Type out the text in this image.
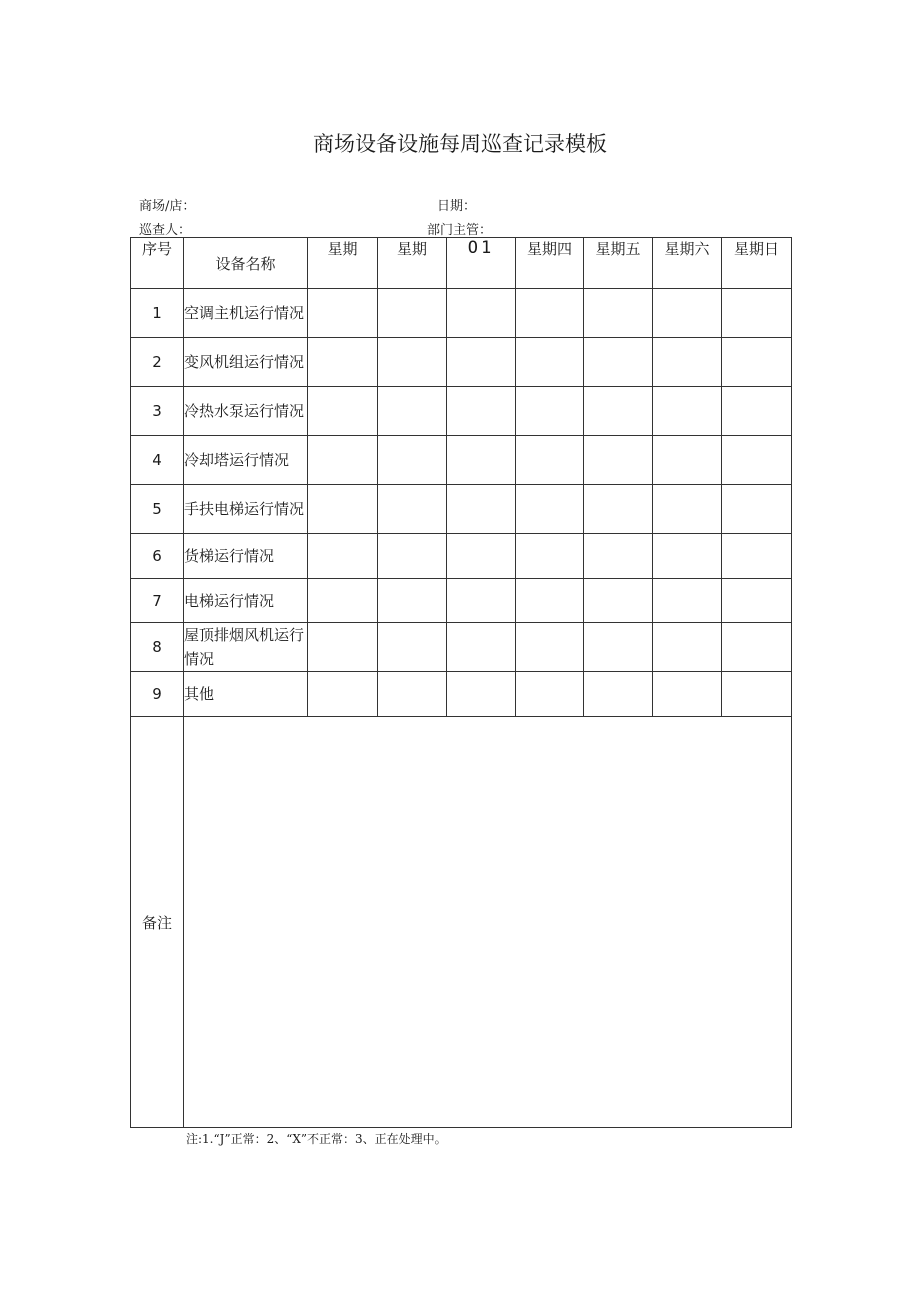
商场设备设施每周巡查记录模板
商场/店：	日期：
巡查人：	部门主管：
序号	设备名称	星期	星期	O1	星期四	星期五	星期六	星期日
1	空调主机运行情况							
2	变风机组运行情况							
3	冷热水泵运行情况							
4	冷却塔运行情况							
5	手扶电梯运行情况							
6	货梯运行情况							
7	电梯运行情况							
8	屋顶排烟风机运行情况							
9	其他							
备注								
注:1.“J”正常：2、“X”不正常：3、正在处理中。
